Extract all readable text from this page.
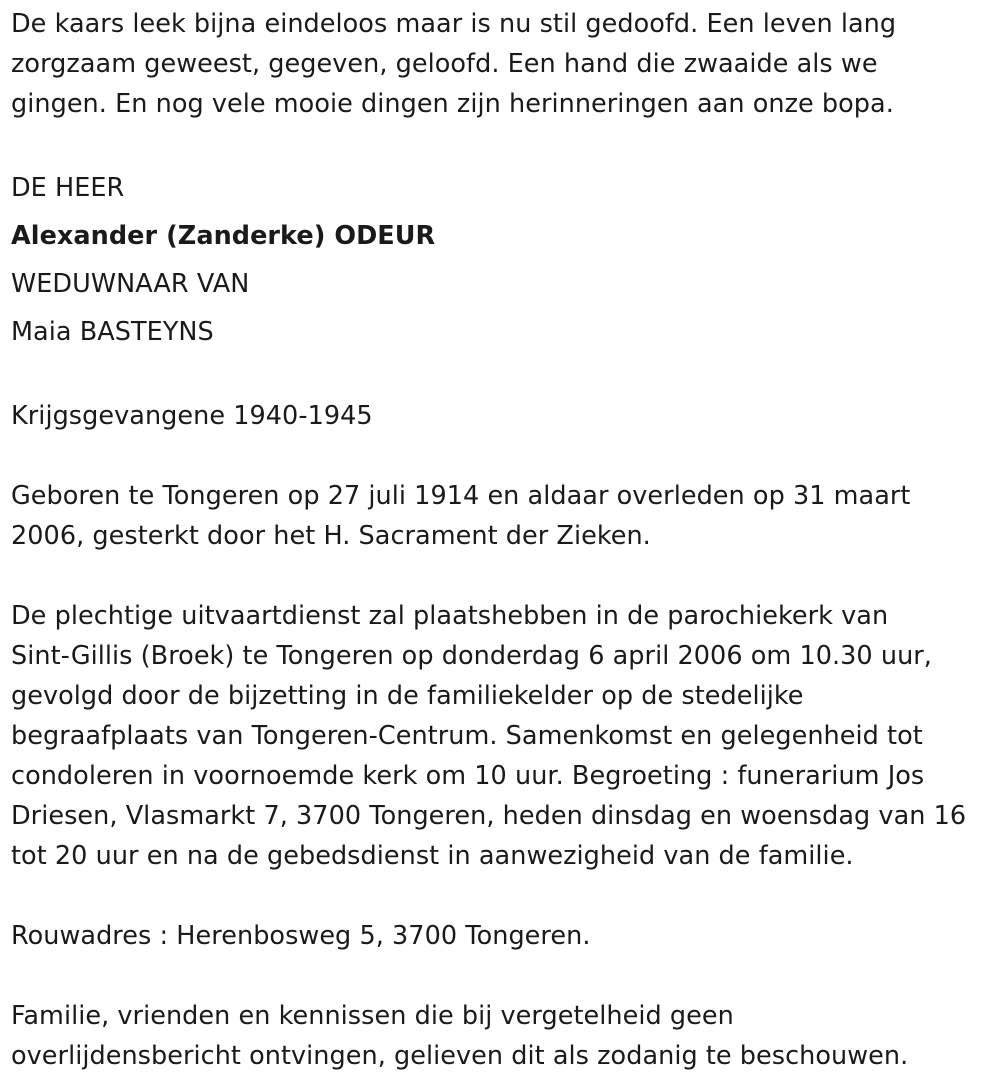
De kaars leek bijna eindeloos maar is nu stil gedoofd. Een leven lang
zorgzaam geweest, gegeven, geloofd. Een hand die zwaaide als we
gingen. En nog vele mooie dingen zijn herinneringen aan onze bopa.

DE HEER
Alexander (Zanderke) ODEUR
WEDUWNAAR VAN
Maia BASTEYNS

Krijgsgevangene 1940-1945

Geboren te Tongeren op 27 juli 1914 en aldaar overleden op 31 maart
2006, gesterkt door het H. Sacrament der Zieken.

De plechtige uitvaartdienst zal plaatshebben in de parochiekerk van
Sint-Gillis (Broek) te Tongeren op donderdag 6 april 2006 om 10.30 uur,
gevolgd door de bijzetting in de familiekelder op de stedelijke
begraafplaats van Tongeren-Centrum. Samenkomst en gelegenheid tot
condoleren in voornoemde kerk om 10 uur. Begroeting : funerarium Jos
Driesen, Vlasmarkt 7, 3700 Tongeren, heden dinsdag en woensdag van 16
tot 20 uur en na de gebedsdienst in aanwezigheid van de familie.

Rouwadres : Herenbosweg 5, 3700 Tongeren.

Familie, vrienden en kennissen die bij vergetelheid geen
overlijdensbericht ontvingen, gelieven dit als zodanig te beschouwen.
